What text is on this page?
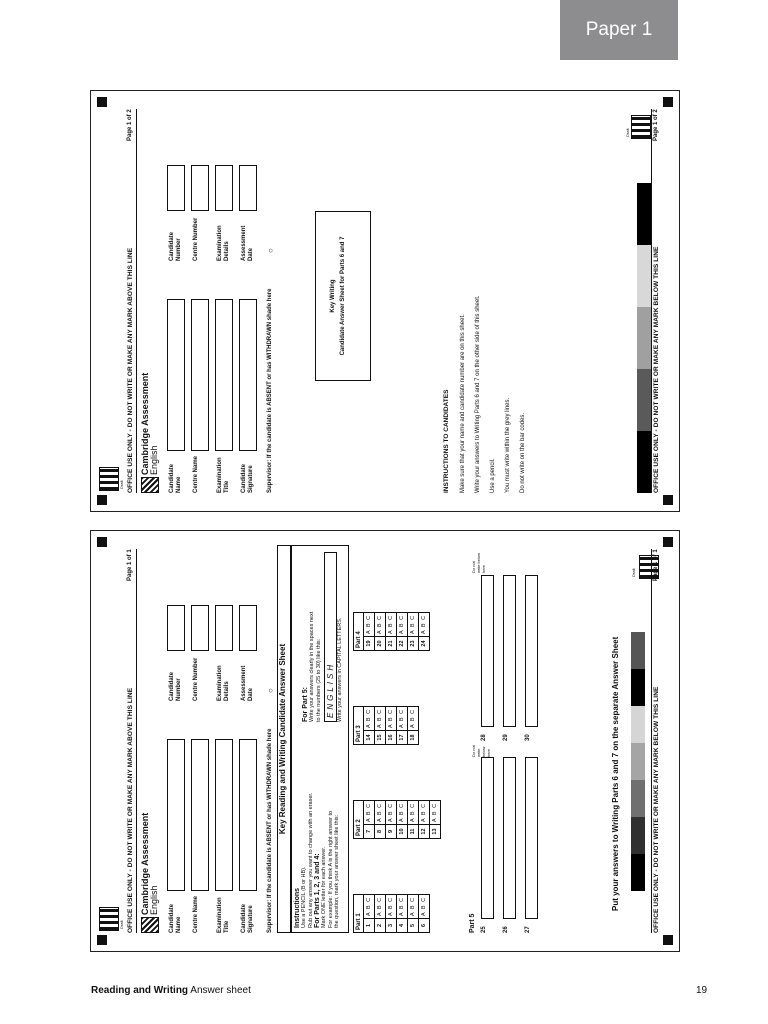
Paper 1
Draft OFFICE USE ONLY - DO NOT WRITE OR MAKE ANY MARK ABOVE THIS LINE
Page 1 of 1
Cambridge Assessment English
Candidate Name Centre Name	Examination Title Candidate Signature
Candidate Number Centre Number	Examination Details Assessment Date
Supervisor: If the candidate is ABSENT or has WITHDRAWN shade here
○ Key Reading and Writing Candidate Answer Sheet
Instructions Use a PENCIL (B or HB). Rub out any answer you want to change with an eraser. For Parts 1, 2, 3 and 4: Mark ONE letter for each answer. For example: If you think A is the right answer to the question, mark your answer sheet like this:

For Part 5: Write your answers clearly in the spaces next to the numbers (25 to 30) like this: ENGLISH Write your answers in CAPITAL LETTERS.

Part 1	
1	A B C
2	A B C
3	A B C
4	A B C
5	A B C
6	A B C
Part 2	
7	A B C
8	A B C
9	A B C
10	A B C
11	A B C
12	A B C
13	A B C
Part 3	
14	A B C
15	A B C
16	A B C
17	A B C
18	A B C
Part 4	
19	A B C
20	A B C
21	A B C
22	A B C
23	A B C
24	A B C
Part 5 25	26	27
28	29	30
Do not write below here
Do not write below here
Put your answers to Writing Parts 6 and 7 on the separate Answer Sheet
Draft
OFFICE USE ONLY - DO NOT WRITE OR MAKE ANY MARK BELOW THIS LINE
Page 1 of 1
Draft OFFICE USE ONLY - DO NOT WRITE OR MAKE ANY MARK ABOVE THIS LINE
Page 1 of 2
Cambridge Assessment English
Candidate Name Centre Name	Examination Title Candidate Signature
Candidate Number Centre Number	Examination Details Assessment Date
Supervisor: If the candidate is ABSENT or has WITHDRAWN shade here
○
Key Writing Candidate Answer Sheet for Parts 6 and 7
INSTRUCTIONS TO CANDIDATES Make sure that your name and candidate number are on this sheet. Write your answers to Writing Parts 6 and 7 on the other side of this sheet. Use a pencil. You must write within the grey lines. Do not write on the bar codes.

Draft
OFFICE USE ONLY - DO NOT WRITE OR MAKE ANY MARK BELOW THIS LINE
Page 1 of 2
Reading and Writing Answer sheet	19
